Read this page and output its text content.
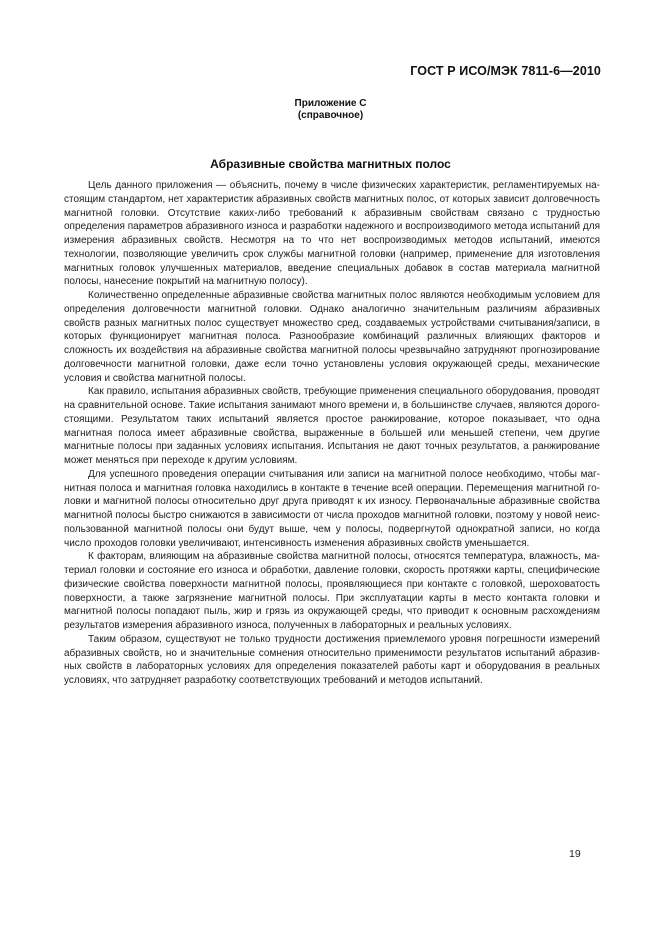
ГОСТ Р ИСО/МЭК 7811-6—2010
Приложение С
(справочное)
Абразивные свойства магнитных полос

Цель данного приложения — объяснить, почему в числе физических характеристик, регламентируемых настоящим стандартом, нет характеристик абразивных свойств магнитных полос, от которых зависит долговечность магнитной головки. Отсутствие каких-либо требований к абразивным свойствам связано с трудностью определения параметров абразивного износа и разработки надежного и воспроизводимого метода испытаний для измерения абразивных свойств. Несмотря на то что нет воспроизводимых методов испытаний, имеются технологии, позволяющие увеличить срок службы магнитной головки (например, применение для изготовления магнитных головок улучшенных материалов, введение специальных добавок в состав материала магнитной полосы, нанесение покрытий на магнитную полосу).

Количественно определенные абразивные свойства магнитных полос являются необходимым условием для определения долговечности магнитной головки. Однако аналогично значительным различиям абразивных свойств разных магнитных полос существует множество сред, создаваемых устройствами считывания/записи, в которых функционирует магнитная полоса. Разнообразие комбинаций различных влияющих факторов и сложность их воздействия на абразивные свойства магнитной полосы чрезвычайно затрудняют прогнозирование долговечности магнитной головки, даже если точно установлены условия окружающей среды, механические условия и свойства магнитной полосы.

Как правило, испытания абразивных свойств, требующие применения специального оборудования, проводят на сравнительной основе. Такие испытания занимают много времени и, в большинстве случаев, являются дорогостоящими. Результатом таких испытаний является простое ранжирование, которое показывает, что одна магнитная полоса имеет абразивные свойства, выраженные в большей или меньшей степени, чем другие магнитные полосы при заданных условиях испытания. Испытания не дают точных результатов, а ранжирование может меняться при переходе к другим условиям.

Для успешного проведения операции считывания или записи на магнитной полосе необходимо, чтобы магнитная полоса и магнитная головка находились в контакте в течение всей операции. Перемещения магнитной головки и магнитной полосы относительно друг друга приводят к их износу. Первоначальные абразивные свойства магнитной полосы быстро снижаются в зависимости от числа проходов магнитной головки, поэтому у новой неиспользованной магнитной полосы они будут выше, чем у полосы, подвергнутой однократной записи, но когда число проходов головки увеличивают, интенсивность изменения абразивных свойств уменьшается.

К факторам, влияющим на абразивные свойства магнитной полосы, относятся температура, влажность, материал головки и состояние его износа и обработки, давление головки, скорость протяжки карты, специфические физические свойства поверхности магнитной полосы, проявляющиеся при контакте с головкой, шероховатость поверхности, а также загрязнение магнитной полосы. При эксплуатации карты в место контакта головки и магнитной полосы попадают пыль, жир и грязь из окружающей среды, что приводит к основным расхождениям результатов измерения абразивного износа, полученных в лабораторных и реальных условиях.

Таким образом, существуют не только трудности достижения приемлемого уровня погрешности измерений абразивных свойств, но и значительные сомнения относительно применимости результатов испытаний абразивных свойств в лабораторных условиях для определения показателей работы карт и оборудования в реальных условиях, что затрудняет разработку соответствующих требований и методов испытаний.

19
